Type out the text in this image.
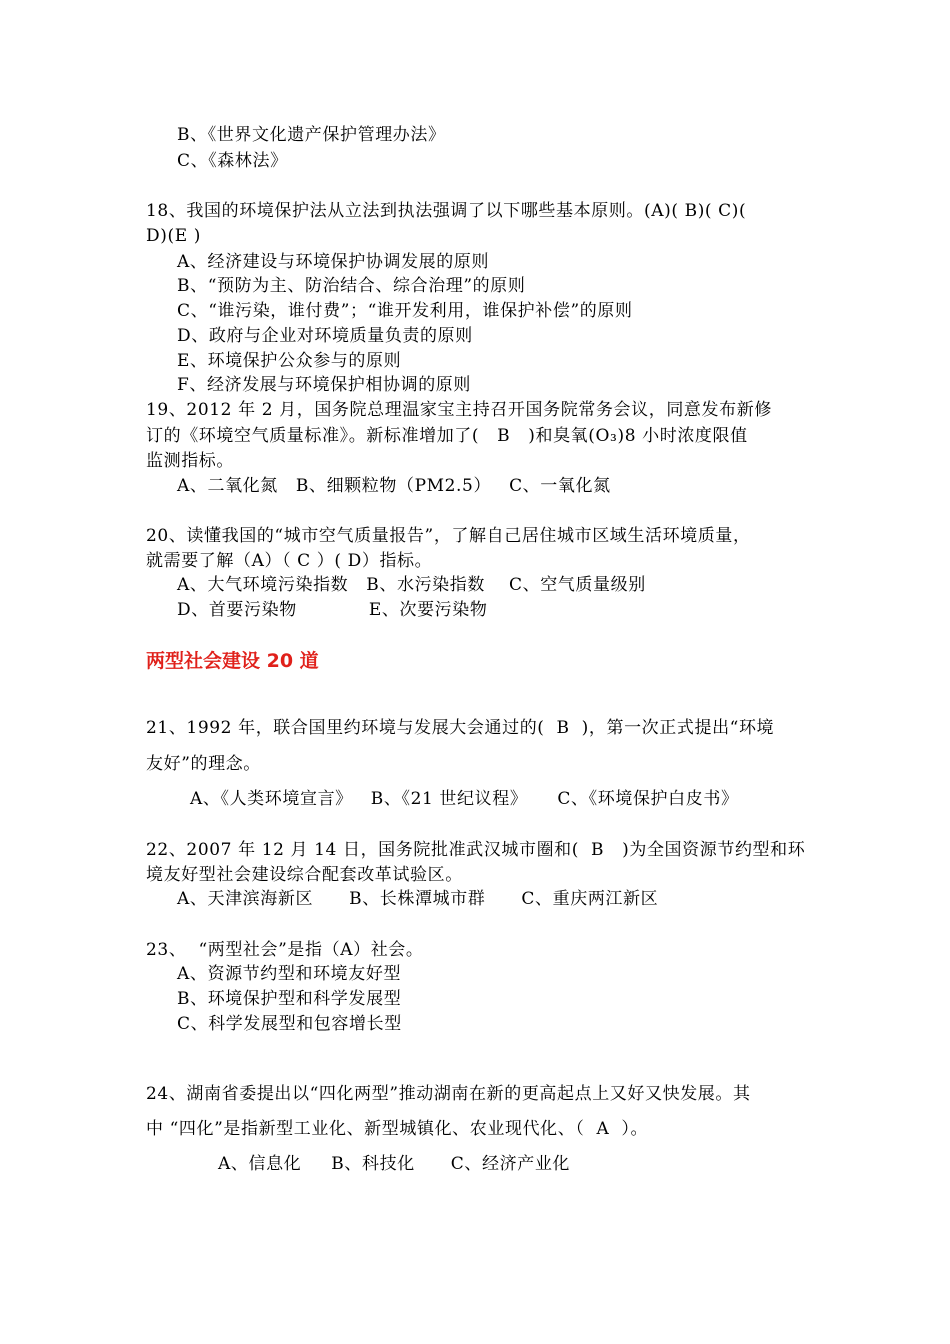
B、《世界文化遗产保护管理办法》
C、《森林法》
18、我国的环境保护法从立法到执法强调了以下哪些基本原则。(A)( B)( C)(
D)(E )
A、经济建设与环境保护协调发展的原则
B、“预防为主、防治结合、综合治理”的原则
C、“谁污染，谁付费”；“谁开发利用，谁保护补偿”的原则
D、政府与企业对环境质量负责的原则
E、环境保护公众参与的原则
F、经济发展与环境保护相协调的原则
19、2012 年 2 月，国务院总理温家宝主持召开国务院常务会议，同意发布新修
订的《环境空气质量标准》。新标准增加了(   B   )和臭氧(O₃)8 小时浓度限值
监测指标。
A、二氧化氮   B、细颗粒物（PM2.5）   C、一氧化氮
20、读懂我国的“城市空气质量报告”，了解自己居住城市区域生活环境质量，
就需要了解（A）（ C ）( D）指标。
A、大气环境污染指数   B、水污染指数    C、空气质量级别
D、首要污染物            E、次要污染物
两型社会建设 20 道
21、1992 年，联合国里约环境与发展大会通过的(  B  )，第一次正式提出“环境
友好”的理念。
A、《人类环境宣言》   B、《21 世纪议程》     C、《环境保护白皮书》
22、2007 年 12 月 14 日，国务院批准武汉城市圈和(  B   )为全国资源节约型和环
境友好型社会建设综合配套改革试验区。
A、天津滨海新区      B、长株潭城市群      C、重庆两江新区
23、  “两型社会”是指（A）社会。
A、资源节约型和环境友好型
B、环境保护型和科学发展型
C、科学发展型和包容增长型
24、湖南省委提出以“四化两型”推动湖南在新的更高起点上又好又快发展。其
中 “四化”是指新型工业化、新型城镇化、农业现代化、（  A  ）。
A、信息化     B、科技化      C、经济产业化
